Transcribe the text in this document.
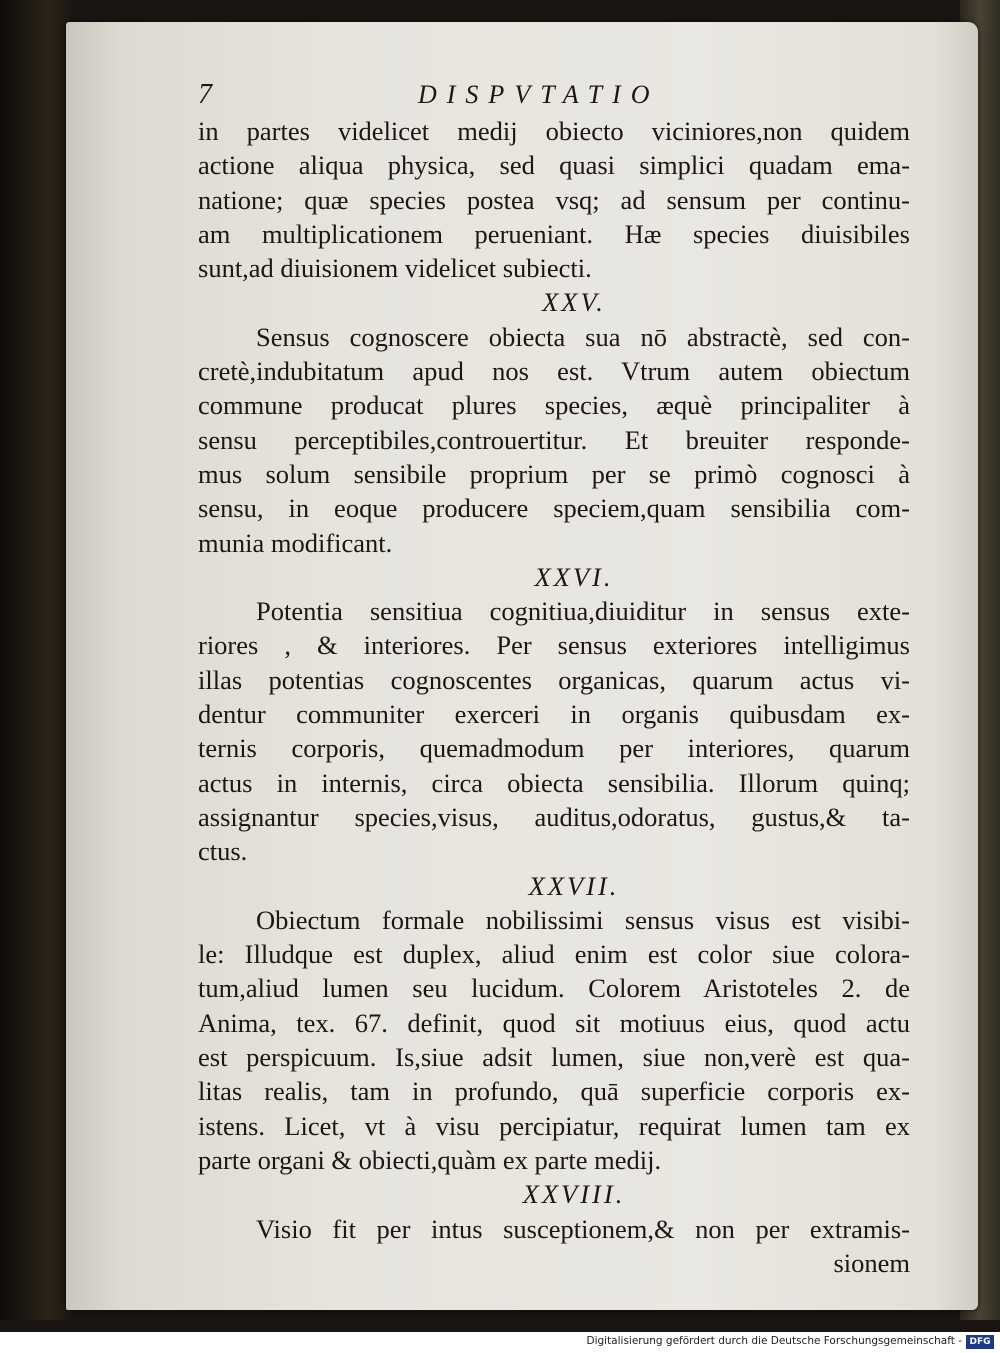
7	DISPVTATIO
in partes videlicet medij obiecto viciniores,non quidem
actione aliqua physica, sed quasi simplici quadam ema-
natione; quæ species postea vsq; ad sensum per continu-
am multiplicationem perueniant. Hæ species diuisibiles
sunt,ad diuisionem videlicet subiecti.
XXV.
Sensus cognoscere obiecta sua nō abstractè, sed con-
cretè,indubitatum apud nos est. Vtrum autem obiectum
commune producat plures species, æquè principaliter à
sensu perceptibiles,controuertitur. Et breuiter responde-
mus solum sensibile proprium per se primò cognosci à
sensu, in eoque producere speciem,quam sensibilia com-
munia modificant.
XXVI.
Potentia sensitiua cognitiua,diuiditur in sensus exte-
riores , & interiores. Per sensus exteriores intelligimus
illas potentias cognoscentes organicas, quarum actus vi-
dentur communiter exerceri in organis quibusdam ex-
ternis corporis, quemadmodum per interiores, quarum
actus in internis, circa obiecta sensibilia. Illorum quinq;
assignantur species,visus, auditus,odoratus, gustus,& ta-
ctus.
XXVII.
Obiectum formale nobilissimi sensus visus est visibi-
le: Illudque est duplex, aliud enim est color siue colora-
tum,aliud lumen seu lucidum. Colorem Aristoteles 2. de
Anima, tex. 67. definit, quod sit motiuus eius, quod actu
est perspicuum. Is,siue adsit lumen, siue non,verè est qua-
litas realis, tam in profundo, quā superficie corporis ex-
istens. Licet, vt à visu percipiatur, requirat lumen tam ex
parte organi & obiecti,quàm ex parte medij.
XXVIII.
Visio fit per intus susceptionem,& non per extramis-
sionem
Digitalisierung gefördert durch die Deutsche Forschungsgemeinschaft - DFG
